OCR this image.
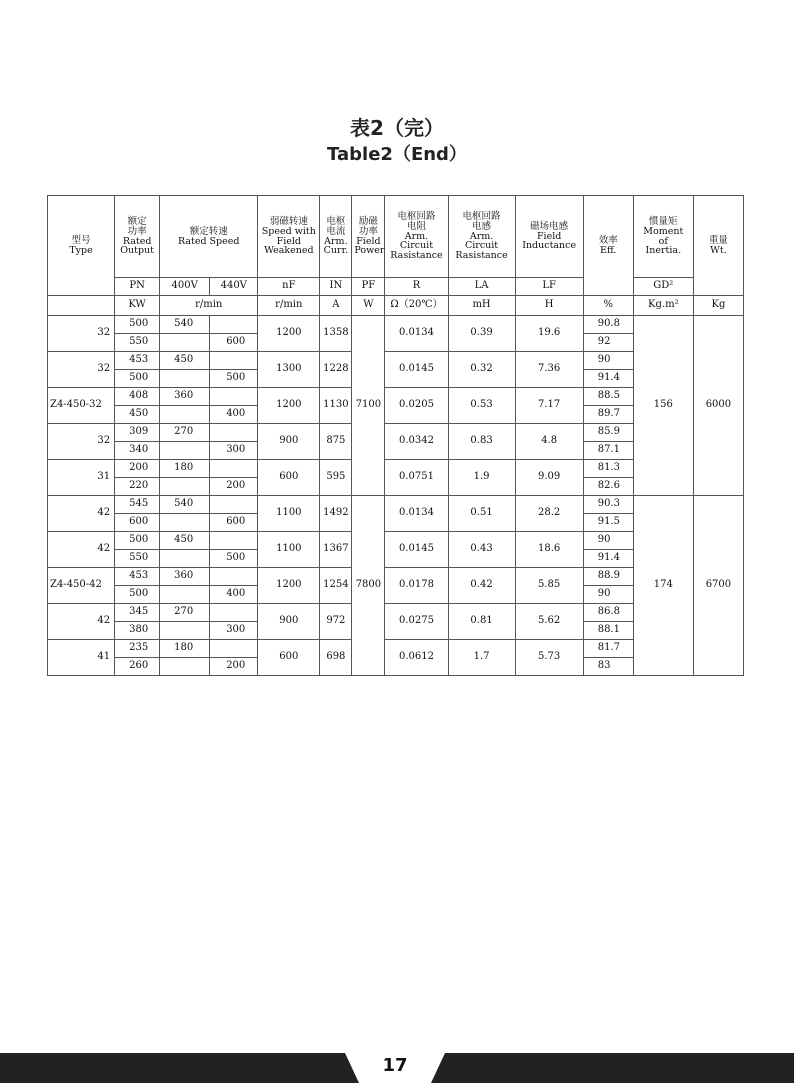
表2（完）
Table2（End）
型号
Type	额定
功率
Rated
Output	额定转速
Rated Speed		弱磁转速
Speed with
Field
Weakened	电枢
电流
Arm.
Curr.	励磁
功率
Field
Power	电枢回路
电阻
Arm.
Circuit
Rasistance	电枢回路
电感
Arm.
Circuit
Rasistance	磁场电感
Field
Inductance	效率
Eff.	惯量矩
Moment
of
Inertia.	重量
Wt.

	PN	400V	440V	nF	IN	PF	R	LA	LF		GD²	
	KW	r/min		r/min	A	W	Ω（20℃）	mH	H	%	Kg.m²	Kg
32	500	540		1200	1358	7100	0.0134	0.39	19.6	90.8	156	6000
	550		600							92		
32	453	450		1300	1228		0.0145	0.32	7.36	90		
	500		500							91.4		

Z4-450-32	408	360		1200	1130		0.0205	0.53	7.17	88.5		
	450		400							89.7		
32	309	270		900	875		0.0342	0.83	4.8	85.9		
	340		300							87.1		
31	200	180		600	595		0.0751	1.9	9.09	81.3		
	220		200							82.6		
42	545	540		1100	1492	7800	0.0134	0.51	28.2	90.3	174	6700
	600		600							91.5		
42	500	450		1100	1367		0.0145	0.43	18.6	90		
	550		500							91.4		

Z4-450-42	453	360		1200	1254		0.0178	0.42	5.85	88.9		
	500		400							90		
42	345	270		900	972		0.0275	0.81	5.62	86.8		
	380		300							88.1		
41	235	180		600	698		0.0612	1.7	5.73	81.7		
	260		200							83		
17
